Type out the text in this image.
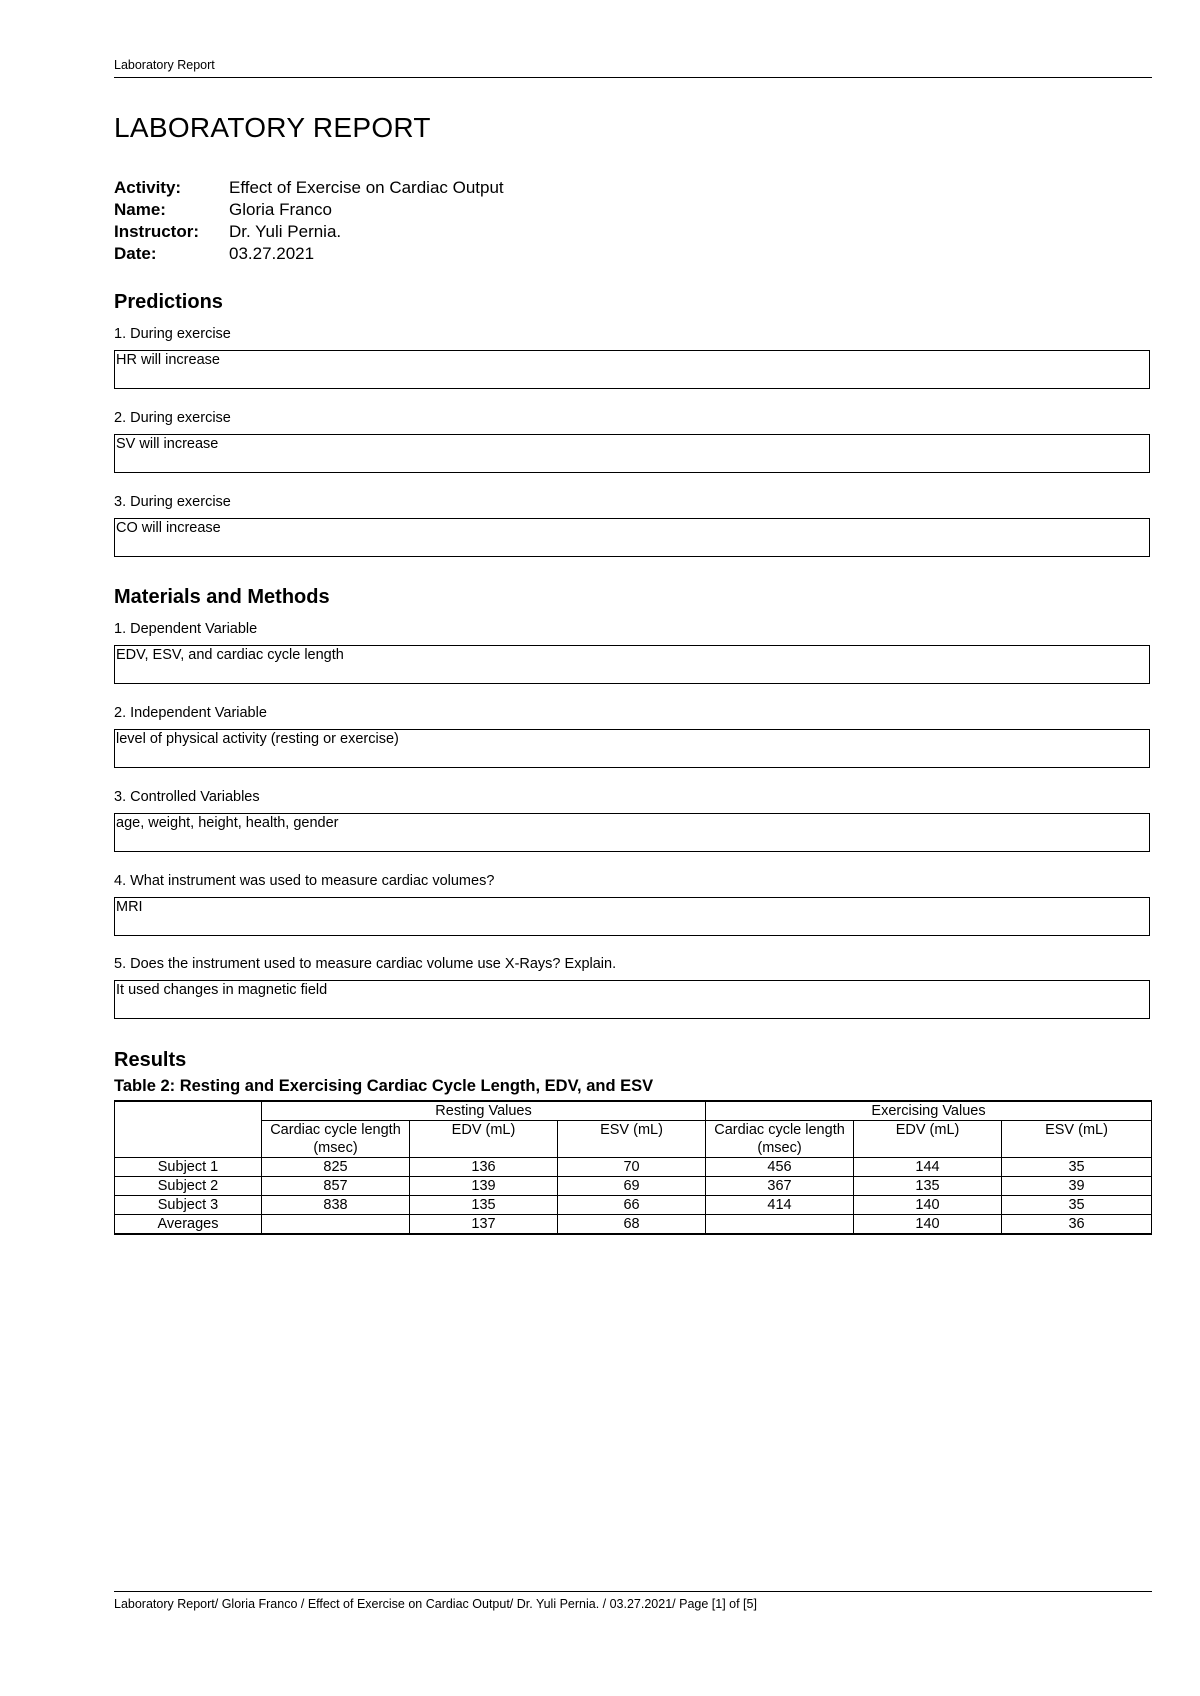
Laboratory Report
LABORATORY REPORT
Activity:	Effect of Exercise on Cardiac Output
Name:	Gloria Franco
Instructor:	Dr. Yuli Pernia.
Date:	03.27.2021
Predictions
1. During exercise
HR will increase
2. During exercise
SV will increase
3. During exercise
CO will increase
Materials and Methods
1. Dependent Variable
EDV, ESV, and cardiac cycle length
2. Independent Variable
level of physical activity (resting or exercise)
3. Controlled Variables
age, weight, height, health, gender
4. What instrument was used to measure cardiac volumes?
MRI
5. Does the instrument used to measure cardiac volume use X-Rays? Explain.
It used changes in magnetic field
Results
Table 2: Resting and Exercising Cardiac Cycle Length, EDV, and ESV
	Resting Values			Exercising Values		
	Cardiac cycle length (msec)	EDV (mL)	ESV (mL)	Cardiac cycle length (msec)	EDV (mL)	ESV (mL)
Subject 1	825	136	70	456	144	35
Subject 2	857	139	69	367	135	39
Subject 3	838	135	66	414	140	35
Averages		137	68		140	36
Laboratory Report/ Gloria Franco / Effect of Exercise on Cardiac Output/ Dr. Yuli Pernia. / 03.27.2021/ Page [1] of [5]
